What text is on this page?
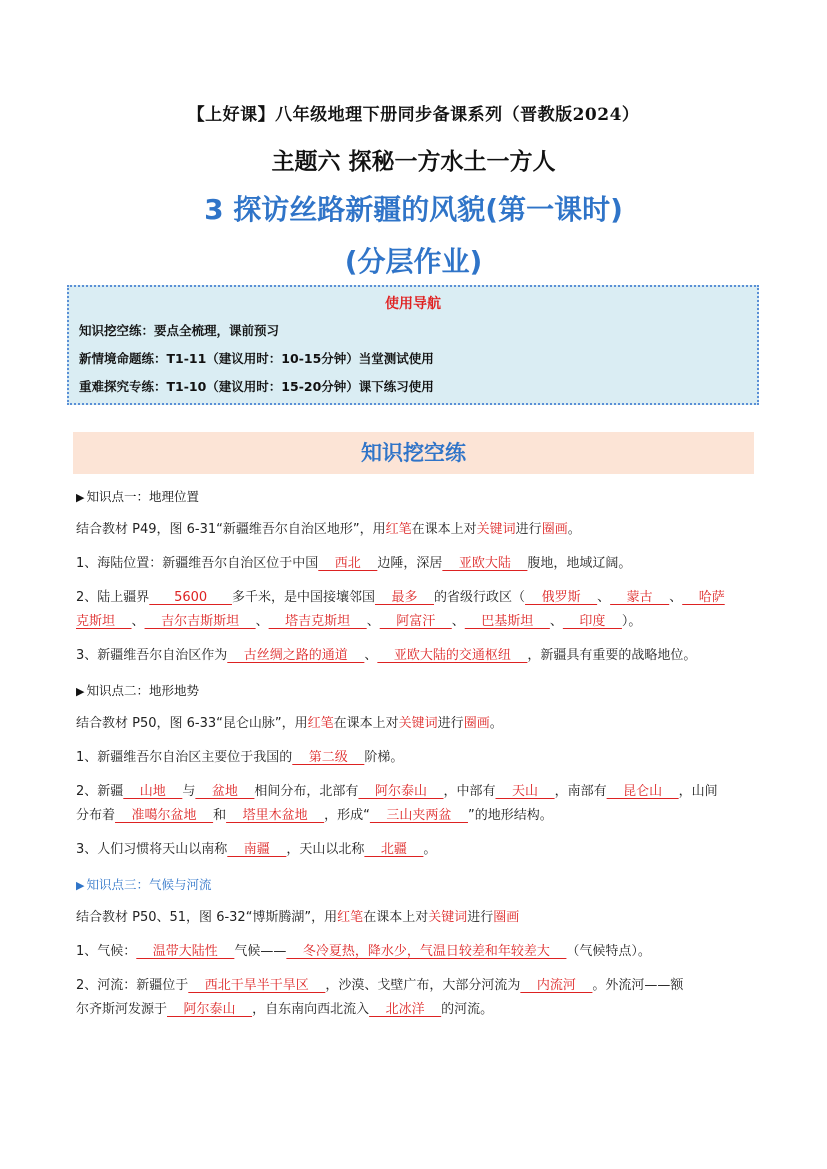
【上好课】八年级地理下册同步备课系列（晋教版2024）
主题六 探秘一方水土一方人
3 探访丝路新疆的风貌(第一课时)
(分层作业)
使用导航
知识挖空练：要点全梳理，课前预习
新情境命题练：T1-11（建议用时：10-15分钟）当堂测试使用
重难探究专练：T1-10（建议用时：15-20分钟）课下练习使用
知识挖空练
▶ 知识点一：地理位置
结合教材 P49，图 6-31“新疆维吾尔自治区地形”，用红笔在课本上对关键词进行圈画。
1、海陆位置：新疆维吾尔自治区位于中国    西北    边陲，深居    亚欧大陆    腹地，地域辽阔。
2、陆上疆界      5600      多千米，是中国接壤邻国    最多    的省级行政区（    俄罗斯    、    蒙古    、    哈萨
克斯坦    、    吉尔吉斯斯坦    、    塔吉克斯坦    、    阿富汗    、    巴基斯坦    、    印度    ）。
3、新疆维吾尔自治区作为    古丝绸之路的通道    、    亚欧大陆的交通枢纽    ，新疆具有重要的战略地位。
▶ 知识点二：地形地势
结合教材 P50，图 6-33“昆仑山脉”，用红笔在课本上对关键词进行圈画。
1、新疆维吾尔自治区主要位于我国的    第二级    阶梯。
2、新疆    山地    与    盆地    相间分布，北部有    阿尔泰山    ，中部有    天山    ，南部有    昆仑山    ，山间
分布着    准噶尔盆地    和    塔里木盆地    ，形成“    三山夹两盆    ”的地形结构。
3、人们习惯将天山以南称    南疆    ，天山以北称    北疆    。
▶ 知识点三：气候与河流
结合教材 P50、51，图 6-32“博斯腾湖”，用红笔在课本上对关键词进行圈画
1、气候：    温带大陆性    气候——    冬冷夏热，降水少，气温日较差和年较差大    （气候特点）。
2、河流：新疆位于    西北干旱半干旱区    ，沙漠、戈壁广布，大部分河流为    内流河    。外流河——额
尔齐斯河发源于    阿尔泰山    ，自东南向西北流入    北冰洋    的河流。
